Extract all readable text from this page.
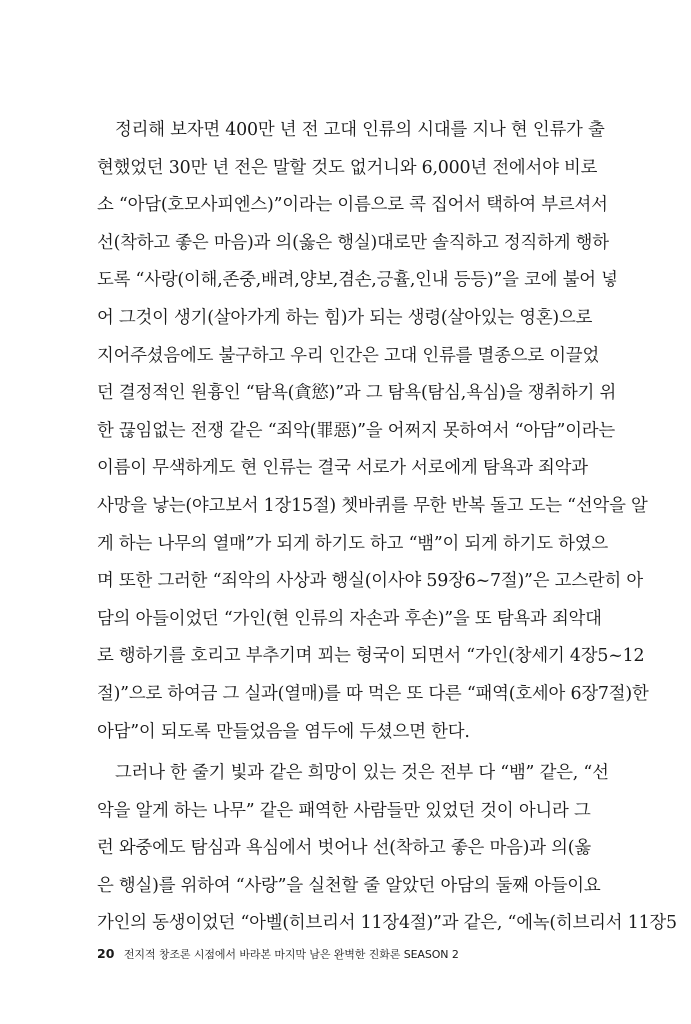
정리해 보자면 400만 년 전 고대 인류의 시대를 지나 현 인류가 출
현했었던 30만 년 전은 말할 것도 없거니와 6,000년 전에서야 비로
소 “아담(호모사피엔스)”이라는 이름으로 콕 집어서 택하여 부르셔서
선(착하고 좋은 마음)과 의(옳은 행실)대로만 솔직하고 정직하게 행하
도록 “사랑(이해,존중,배려,양보,겸손,긍휼,인내 등등)”을 코에 불어 넣
어 그것이 생기(살아가게 하는 힘)가 되는 생령(살아있는 영혼)으로
지어주셨음에도 불구하고 우리 인간은 고대 인류를 멸종으로 이끌었
던 결정적인 원흉인 “탐욕(貪慾)”과 그 탐욕(탐심,욕심)을 쟁취하기 위
한 끊임없는 전쟁 같은 “죄악(罪惡)”을 어쩌지 못하여서 “아담”이라는
이름이 무색하게도 현 인류는 결국 서로가 서로에게 탐욕과 죄악과
사망을 낳는(야고보서 1장15절) 쳇바퀴를 무한 반복 돌고 도는 “선악을 알
게 하는 나무의 열매”가 되게 하기도 하고 “뱀”이 되게 하기도 하였으
며 또한 그러한 “죄악의 사상과 행실(이사야 59장6~7절)”은 고스란히 아
담의 아들이었던 “가인(현 인류의 자손과 후손)”을 또 탐욕과 죄악대
로 행하기를 호리고 부추기며 꾀는 형국이 되면서 “가인(창세기 4장5~12
절)”으로 하여금 그 실과(열매)를 따 먹은 또 다른 “패역(호세아 6장7절)한
아담”이 되도록 만들었음을 염두에 두셨으면 한다.
그러나 한 줄기 빛과 같은 희망이 있는 것은 전부 다 “뱀” 같은, “선
악을 알게 하는 나무” 같은 패역한 사람들만 있었던 것이 아니라 그
런 와중에도 탐심과 욕심에서 벗어나 선(착하고 좋은 마음)과 의(옳
은 행실)를 위하여 “사랑”을 실천할 줄 알았던 아담의 둘째 아들이요
가인의 동생이었던 “아벨(히브리서 11장4절)”과 같은, “에녹(히브리서 11장5
20 전지적 창조론 시점에서 바라본 마지막 남은 완벽한 진화론 SEASON 2
